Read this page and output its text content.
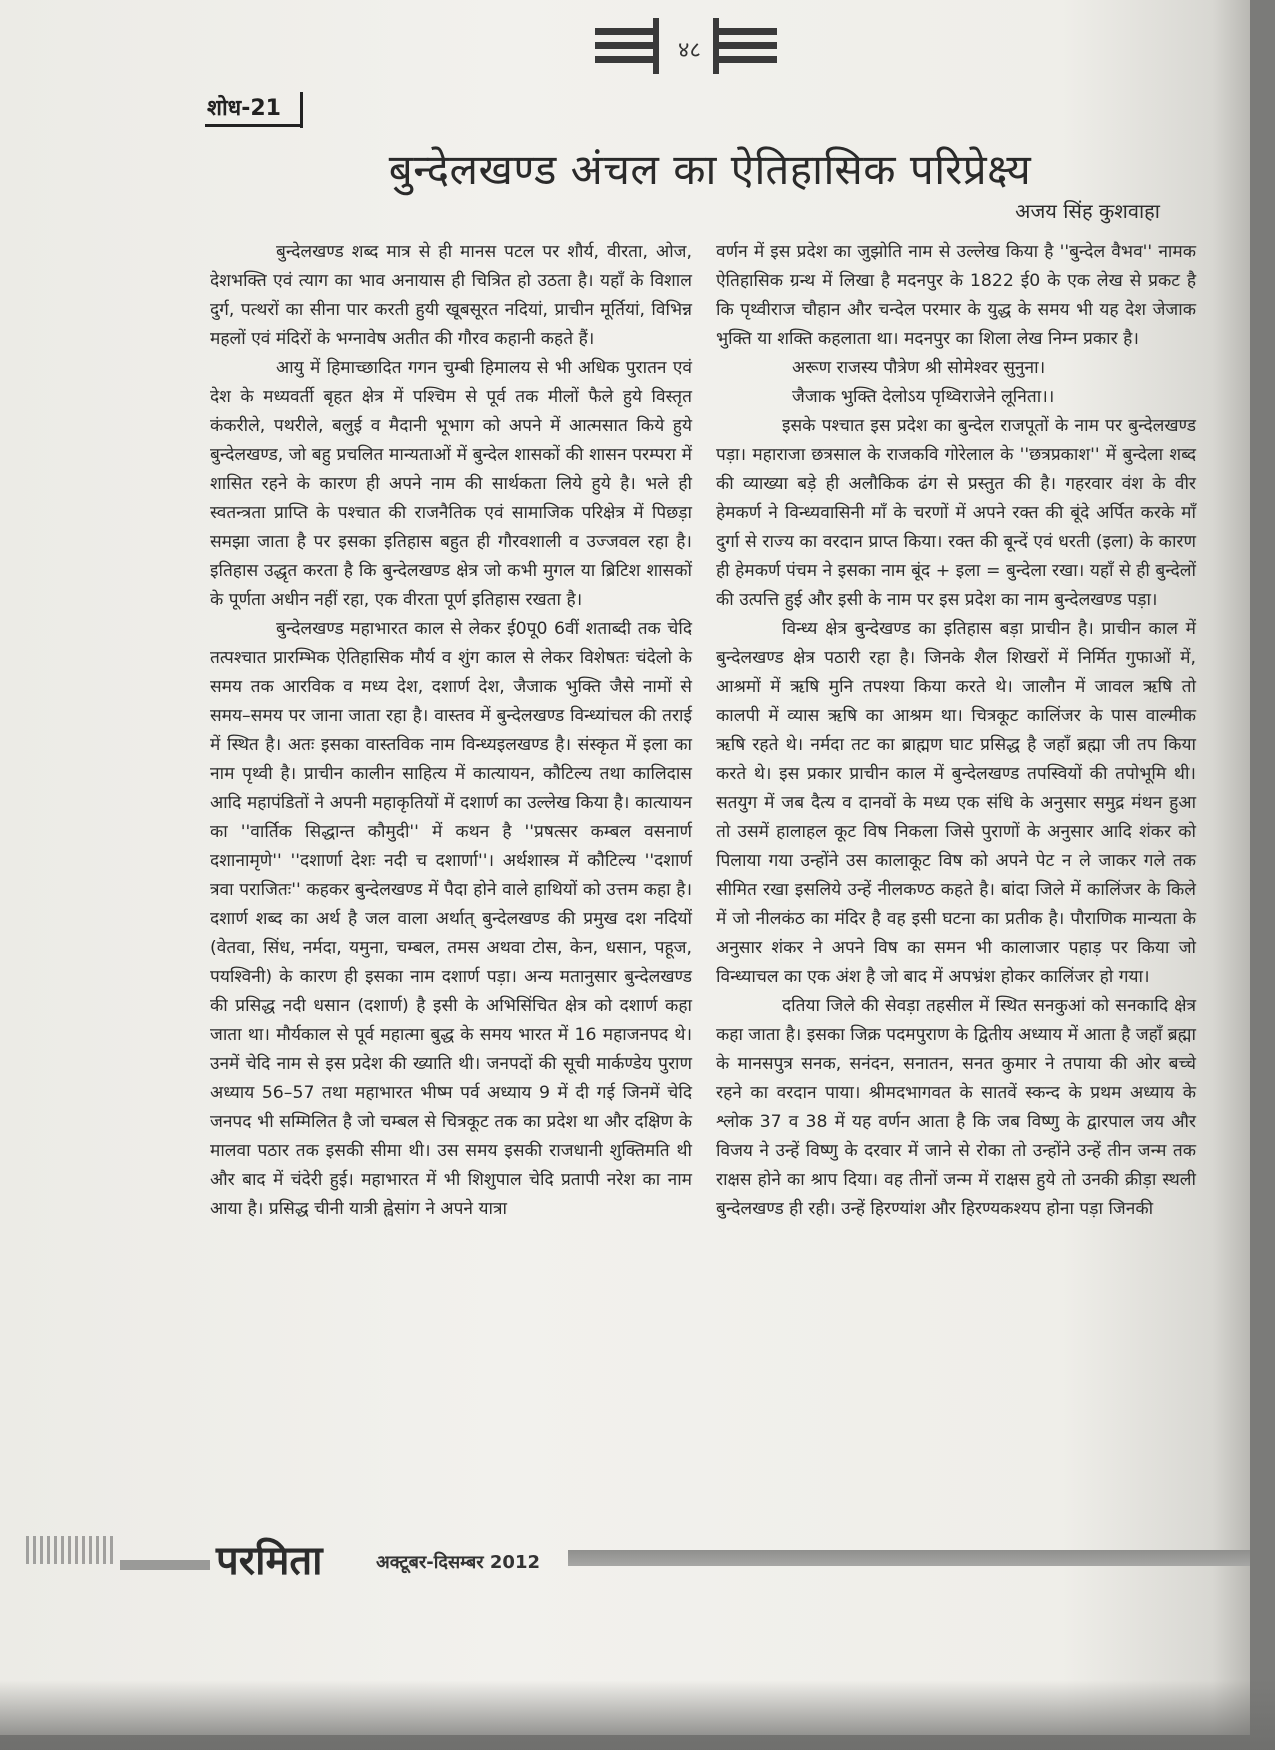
४८
शोध-21
बुन्देलखण्ड अंचल का ऐतिहासिक परिप्रेक्ष्य
अजय सिंह कुशवाहा

बुन्देलखण्ड शब्द मात्र से ही मानस पटल पर शौर्य, वीरता, ओज, देशभक्ति एवं त्याग का भाव अनायास ही चित्रित हो उठता है। यहाँ के विशाल दुर्ग, पत्थरों का सीना पार करती हुयी खूबसूरत नदियां, प्राचीन मूर्तियां, विभिन्न महलों एवं मंदिरों के भग्नावेष अतीत की गौरव कहानी कहते हैं।

आयु में हिमाच्छादित गगन चुम्बी हिमालय से भी अधिक पुरातन एवं देश के मध्यवर्ती बृहत क्षेत्र में पश्चिम से पूर्व तक मीलों फैले हुये विस्तृत कंकरीले, पथरीले, बलुई व मैदानी भूभाग को अपने में आत्मसात किये हुये बुन्देलखण्ड, जो बहु प्रचलित मान्यताओं में बुन्देल शासकों की शासन परम्परा में शासित रहने के कारण ही अपने नाम की सार्थकता लिये हुये है। भले ही स्वतन्त्रता प्राप्ति के पश्चात की राजनैतिक एवं सामाजिक परिक्षेत्र में पिछड़ा समझा जाता है पर इसका इतिहास बहुत ही गौरवशाली व उज्जवल रहा है। इतिहास उद्धृत करता है कि बुन्देलखण्ड क्षेत्र जो कभी मुगल या ब्रिटिश शासकों के पूर्णता अधीन नहीं रहा, एक वीरता पूर्ण इतिहास रखता है।

बुन्देलखण्ड महाभारत काल से लेकर ई0पू0 6वीं शताब्दी तक चेदि तत्पश्चात प्रारम्भिक ऐतिहासिक मौर्य व शुंग काल से लेकर विशेषतः चंदेलो के समय तक आरविक व मध्य देश, दशार्ण देश, जैजाक भुक्ति जैसे नामों से समय–समय पर जाना जाता रहा है। वास्तव में बुन्देलखण्ड विन्ध्यांचल की तराई में स्थित है। अतः इसका वास्तविक नाम विन्ध्यइलखण्ड है। संस्कृत में इला का नाम पृथ्वी है। प्राचीन कालीन साहित्य में कात्यायन, कौटिल्य तथा कालिदास आदि महापंडितों ने अपनी महाकृतियों में दशार्ण का उल्लेख किया है। कात्यायन का ''वार्तिक सिद्धान्त कौमुदी'' में कथन है ''प्रषत्सर कम्बल वसनार्ण दशानामृणे'' ''दशार्णा देशः नदी च दशार्णा''। अर्थशास्त्र में कौटिल्य ''दशार्ण त्रवा पराजितः'' कहकर बुन्देलखण्ड में पैदा होने वाले हाथियों को उत्तम कहा है। दशार्ण शब्द का अर्थ है जल वाला अर्थात् बुन्देलखण्ड की प्रमुख दश नदियों (वेतवा, सिंध, नर्मदा, यमुना, चम्बल, तमस अथवा टोस, केन, धसान, पहूज, पयश्विनी) के कारण ही इसका नाम दशार्ण पड़ा। अन्य मतानुसार बुन्देलखण्ड की प्रसिद्ध नदी धसान (दशार्ण) है इसी के अभिसिंचित क्षेत्र को दशार्ण कहा जाता था। मौर्यकाल से पूर्व महात्मा बुद्ध के समय भारत में 16 महाजनपद थे। उनमें चेदि नाम से इस प्रदेश की ख्याति थी। जनपदों की सूची मार्कण्डेय पुराण अध्याय 56–57 तथा महाभारत भीष्म पर्व अध्याय 9 में दी गई जिनमें चेदि जनपद भी सम्मिलित है जो चम्बल से चित्रकूट तक का प्रदेश था और दक्षिण के मालवा पठार तक इसकी सीमा थी। उस समय इसकी राजधानी शुक्तिमति थी और बाद में चंदेरी हुई। महाभारत में भी शिशुपाल चेदि प्रतापी नरेश का नाम आया है। प्रसिद्ध चीनी यात्री ह्वेसांग ने अपने यात्रा

वर्णन में इस प्रदेश का जुझोति नाम से उल्लेख किया है ''बुन्देल वैभव'' नामक ऐतिहासिक ग्रन्थ में लिखा है मदनपुर के 1822 ई0 के एक लेख से प्रकट है कि पृथ्वीराज चौहान और चन्देल परमार के युद्ध के समय भी यह देश जेजाक भुक्ति या शक्ति कहलाता था। मदनपुर का शिला लेख निम्न प्रकार है।

अरूण राजस्य पौत्रेण श्री सोमेश्वर सुनुना।

जैजाक भुक्ति देलोऽय पृथ्विराजेने लूनिता।।

इसके पश्चात इस प्रदेश का बुन्देल राजपूतों के नाम पर बुन्देलखण्ड पड़ा। महाराजा छत्रसाल के राजकवि गोरेलाल के ''छत्रप्रकाश'' में बुन्देला शब्द की व्याख्या बड़े ही अलौकिक ढंग से प्रस्तुत की है। गहरवार वंश के वीर हेमकर्ण ने विन्ध्यवासिनी माँ के चरणों में अपने रक्त की बूंदे अर्पित करके माँ दुर्गा से राज्य का वरदान प्राप्त किया। रक्त की बून्दें एवं धरती (इला) के कारण ही हेमकर्ण पंचम ने इसका नाम बूंद + इला = बुन्देला रखा। यहाँ से ही बुन्देलों की उत्पत्ति हुई और इसी के नाम पर इस प्रदेश का नाम बुन्देलखण्ड पड़ा।

विन्ध्य क्षेत्र बुन्देखण्ड का इतिहास बड़ा प्राचीन है। प्राचीन काल में बुन्देलखण्ड क्षेत्र पठारी रहा है। जिनके शैल शिखरों में निर्मित गुफाओं में, आश्रमों में ऋषि मुनि तपश्या किया करते थे। जालौन में जावल ऋषि तो कालपी में व्यास ऋषि का आश्रम था। चित्रकूट कालिंजर के पास वाल्मीक ऋषि रहते थे। नर्मदा तट का ब्राह्मण घाट प्रसिद्ध है जहाँ ब्रह्मा जी तप किया करते थे। इस प्रकार प्राचीन काल में बुन्देलखण्ड तपस्वियों की तपोभूमि थी। सतयुग में जब दैत्य व दानवों के मध्य एक संधि के अनुसार समुद्र मंथन हुआ तो उसमें हालाहल कूट विष निकला जिसे पुराणों के अनुसार आदि शंकर को पिलाया गया उन्होंने उस कालाकूट विष को अपने पेट न ले जाकर गले तक सीमित रखा इसलिये उन्हें नीलकण्ठ कहते है। बांदा जिले में कालिंजर के किले में जो नीलकंठ का मंदिर है वह इसी घटना का प्रतीक है। पौराणिक मान्यता के अनुसार शंकर ने अपने विष का समन भी कालाजार पहाड़ पर किया जो विन्ध्याचल का एक अंश है जो बाद में अपभ्रंश होकर कालिंजर हो गया।

दतिया जिले की सेवड़ा तहसील में स्थित सनकुआं को सनकादि क्षेत्र कहा जाता है। इसका जिक्र पदमपुराण के द्वितीय अध्याय में आता है जहाँ ब्रह्मा के मानसपुत्र सनक, सनंदन, सनातन, सनत कुमार ने तपाया की ओर बच्चे रहने का वरदान पाया। श्रीमदभागवत के सातवें स्कन्द के प्रथम अध्याय के श्लोक 37 व 38 में यह वर्णन आता है कि जब विष्णु के द्वारपाल जय और विजय ने उन्हें विष्णु के दरवार में जाने से रोका तो उन्होंने उन्हें तीन जन्म तक राक्षस होने का श्राप दिया। वह तीनों जन्म में राक्षस हुये तो उनकी क्रीड़ा स्थली बुन्देलखण्ड ही रही। उन्हें हिरण्यांश और हिरण्यकश्यप होना पड़ा जिनकी

परमिता	अक्टूबर-दिसम्बर 2012
